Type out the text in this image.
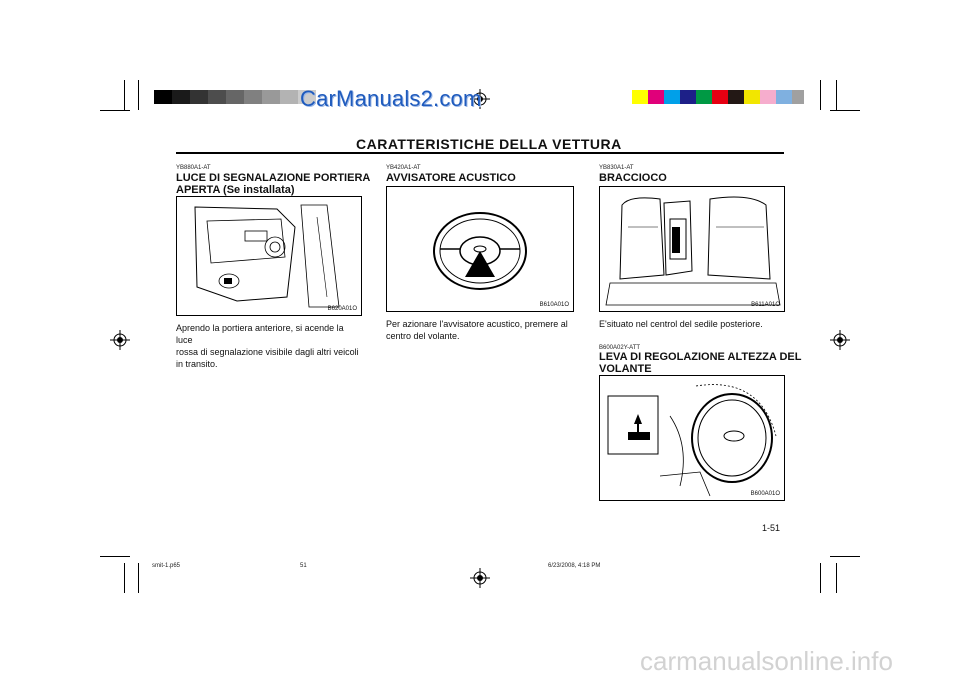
CarManuals2.com
CARATTERISTICHE DELLA VETTURA
YB880A1-AT
LUCE DI SEGNALAZIONE PORTIERA
APERTA (Se installata)
B620A01O
Aprendo la portiera anteriore, si acende la luce
rossa di segnalazione visibile dagli altri veicoli
in transito.
YB420A1-AT
AVVISATORE ACUSTICO
B610A01O
Per azionare l'avvisatore acustico, premere al
centro del volante.
YB830A1-AT
BRACCIOCO
B611A01O
E'situato nel centrol del sedile posteriore.
B600A02Y-ATT
LEVA DI REGOLAZIONE ALTEZZA DEL
VOLANTE
B600A01O
1-51
smit-1.p65	51	6/23/2008, 4:18 PM
carmanualsonline.info
